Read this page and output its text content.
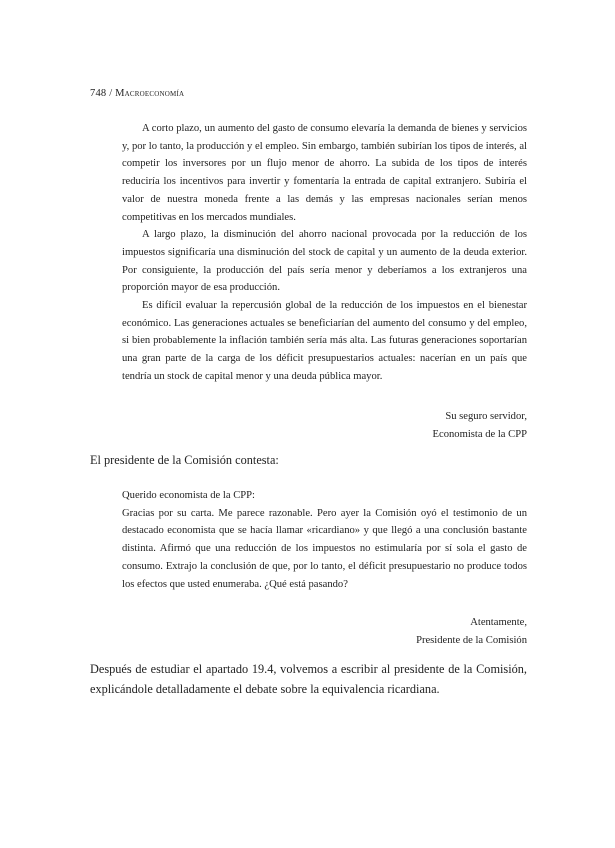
748 / Macroeconomía

A corto plazo, un aumento del gasto de consumo elevaría la demanda de bienes y servicios y, por lo tanto, la producción y el empleo. Sin embargo, también subirían los tipos de interés, al competir los inversores por un flujo menor de ahorro. La subida de los tipos de interés reduciría los incentivos para invertir y fomentaría la entrada de capital extranjero. Subiría el valor de nuestra moneda frente a las demás y las empresas nacionales serían menos competitivas en los mercados mundiales.

A largo plazo, la disminución del ahorro nacional provocada por la reducción de los impuestos significaría una disminución del stock de capital y un aumento de la deuda exterior. Por consiguiente, la producción del país sería menor y deberíamos a los extranjeros una proporción mayor de esa producción.

Es difícil evaluar la repercusión global de la reducción de los impuestos en el bienestar económico. Las generaciones actuales se beneficiarían del aumento del consumo y del empleo, si bien probablemente la inflación también sería más alta. Las futuras generaciones soportarían una gran parte de la carga de los déficit presupuestarios actuales: nacerían en un país que tendría un stock de capital menor y una deuda pública mayor.

Su seguro servidor,
Economista de la CPP
El presidente de la Comisión contesta:

Querido economista de la CPP:

Gracias por su carta. Me parece razonable. Pero ayer la Comisión oyó el testimonio de un destacado economista que se hacía llamar «ricardiano» y que llegó a una conclusión bastante distinta. Afirmó que una reducción de los impuestos no estimularía por sí sola el gasto de consumo. Extrajo la conclusión de que, por lo tanto, el déficit presupuestario no produce todos los efectos que usted enumeraba. ¿Qué está pasando?

Atentamente,
Presidente de la Comisión
Después de estudiar el apartado 19.4, volvemos a escribir al presidente de la Comisión, explicándole detalladamente el debate sobre la equivalencia ricardiana.
